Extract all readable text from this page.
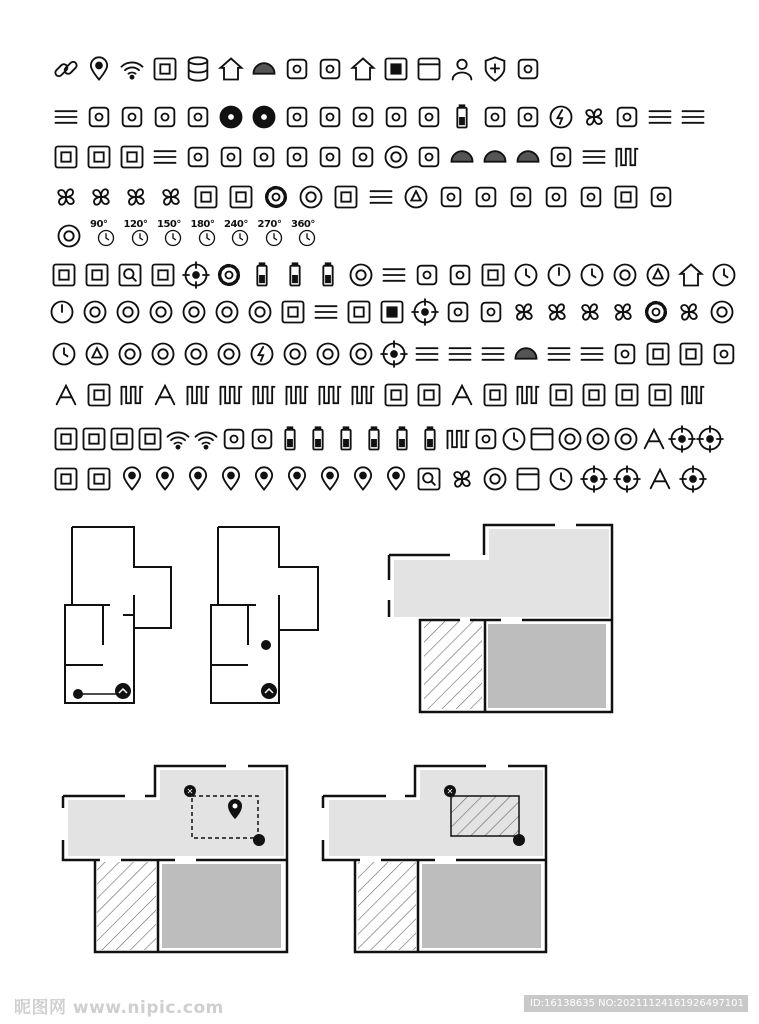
90° 120° 150° 180° 240° 270° 360°
✕	✕
昵图网 www.nipic.com	ID:16138635 NO:20211124161926497101
